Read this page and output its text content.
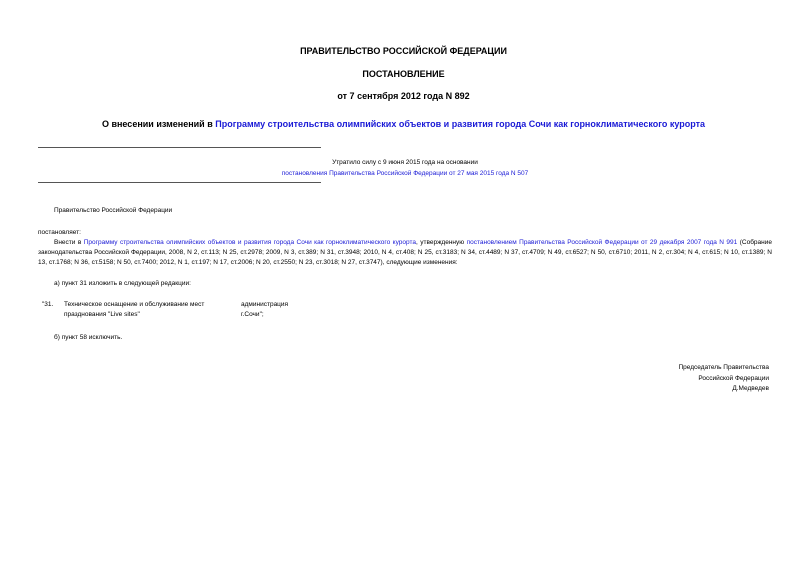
ПРАВИТЕЛЬСТВО РОССИЙСКОЙ ФЕДЕРАЦИИ
ПОСТАНОВЛЕНИЕ
от 7 сентября 2012 года N 892
О внесении изменений в Программу строительства олимпийских объектов и развития города Сочи как горноклиматического курорта
Утратило силу с 9 июня 2015 года на основании
постановления Правительства Российской Федерации от 27 мая 2015 года N 507
Правительство Российской Федерации
постановляет:
Внести в Программу строительства олимпийских объектов и развития города Сочи как горноклиматического курорта, утвержденную постановлением Правительства Российской Федерации от 29 декабря 2007 года N 991 (Собрание законодательства Российской Федерации, 2008, N 2, ст.113; N 25, ст.2978; 2009, N 3, ст.389; N 31, ст.3948; 2010, N 4, ст.408; N 25, ст.3183; N 34, ст.4489; N 37, ст.4709; N 49, ст.6527; N 50, ст.6710; 2011, N 2, ст.304; N 4, ст.615; N 10, ст.1389; N 13, ст.1768; N 36, ст.5158; N 50, ст.7400; 2012, N 1, ст.197; N 17, ст.2006; N 20, ст.2550; N 23, ст.3018; N 27, ст.3747), следующие изменения:
а) пункт 31 изложить в следующей редакции:
"31. Техническое оснащение и обслуживание мест
празднования "Live sites"
администрация
г.Сочи";
б) пункт 58 исключить.
Председатель Правительства
Российской Федерации
Д.Медведев
